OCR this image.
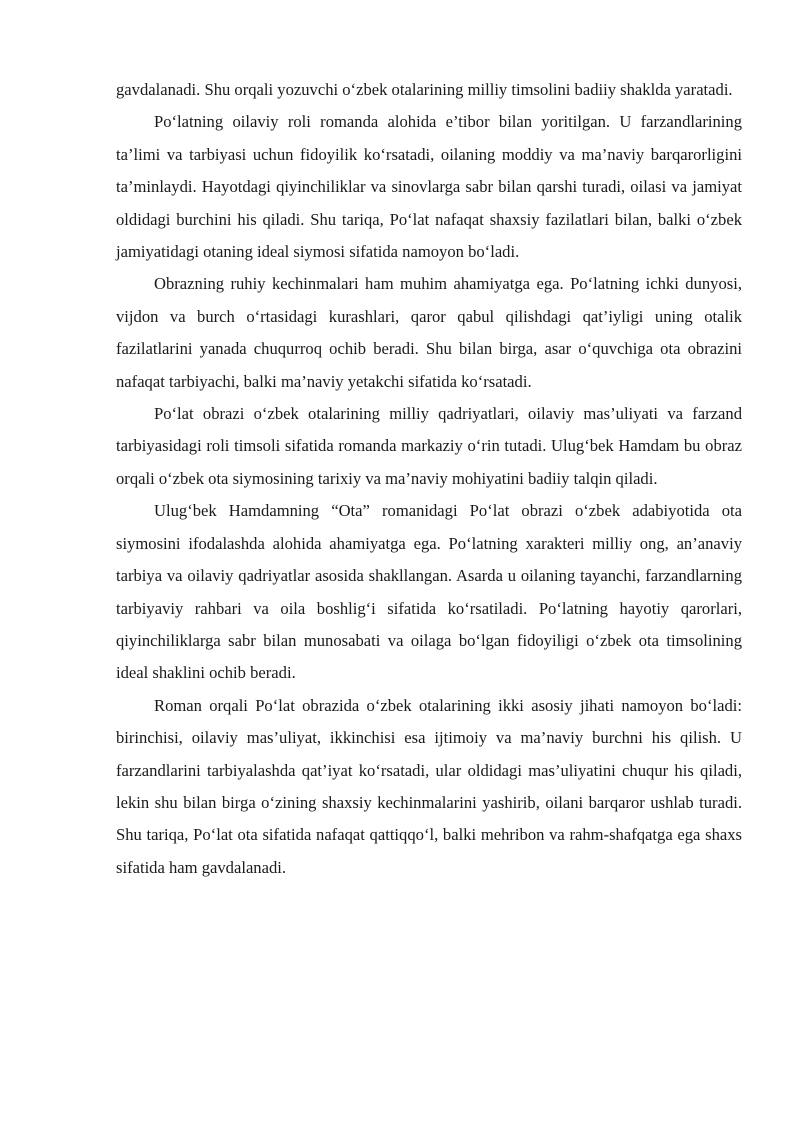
gavdalanadi. Shu orqali yozuvchi o‘zbek otalarining milliy timsolini badiiy shaklda yaratadi.

Po‘latning oilaviy roli romanda alohida e’tibor bilan yoritilgan. U farzandlarining ta’limi va tarbiyasi uchun fidoyilik ko‘rsatadi, oilaning moddiy va ma’naviy barqarorligini ta’minlaydi. Hayotdagi qiyinchiliklar va sinovlarga sabr bilan qarshi turadi, oilasi va jamiyat oldidagi burchini his qiladi. Shu tariqa, Po‘lat nafaqat shaxsiy fazilatlari bilan, balki o‘zbek jamiyatidagi otaning ideal siymosi sifatida namoyon bo‘ladi.

Obrazning ruhiy kechinmalari ham muhim ahamiyatga ega. Po‘latning ichki dunyosi, vijdon va burch o‘rtasidagi kurashlari, qaror qabul qilishdagi qat’iyligi uning otalik fazilatlarini yanada chuqurroq ochib beradi. Shu bilan birga, asar o‘quvchiga ota obrazini nafaqat tarbiyachi, balki ma’naviy yetakchi sifatida ko‘rsatadi.

Po‘lat obrazi o‘zbek otalarining milliy qadriyatlari, oilaviy mas’uliyati va farzand tarbiyasidagi roli timsoli sifatida romanda markaziy o‘rin tutadi. Ulug‘bek Hamdam bu obraz orqali o‘zbek ota siymosining tarixiy va ma’naviy mohiyatini badiiy talqin qiladi.

Ulug‘bek Hamdamning “Ota” romanidagi Po‘lat obrazi o‘zbek adabiyotida ota siymosini ifodalashda alohida ahamiyatga ega. Po‘latning xarakteri milliy ong, an’anaviy tarbiya va oilaviy qadriyatlar asosida shakllangan. Asarda u oilaning tayanchi, farzandlarning tarbiyaviy rahbari va oila boshlig‘i sifatida ko‘rsatiladi. Po‘latning hayotiy qarorlari, qiyinchiliklarga sabr bilan munosabati va oilaga bo‘lgan fidoyiligi o‘zbek ota timsolining ideal shaklini ochib beradi.

Roman orqali Po‘lat obrazida o‘zbek otalarining ikki asosiy jihati namoyon bo‘ladi: birinchisi, oilaviy mas’uliyat, ikkinchisi esa ijtimoiy va ma’naviy burchni his qilish. U farzandlarini tarbiyalashda qat’iyat ko‘rsatadi, ular oldidagi mas’uliyatini chuqur his qiladi, lekin shu bilan birga o‘zining shaxsiy kechinmalarini yashirib, oilani barqaror ushlab turadi. Shu tariqa, Po‘lat ota sifatida nafaqat qattiqqo‘l, balki mehribon va rahm-shafqatga ega shaxs sifatida ham gavdalanadi.
